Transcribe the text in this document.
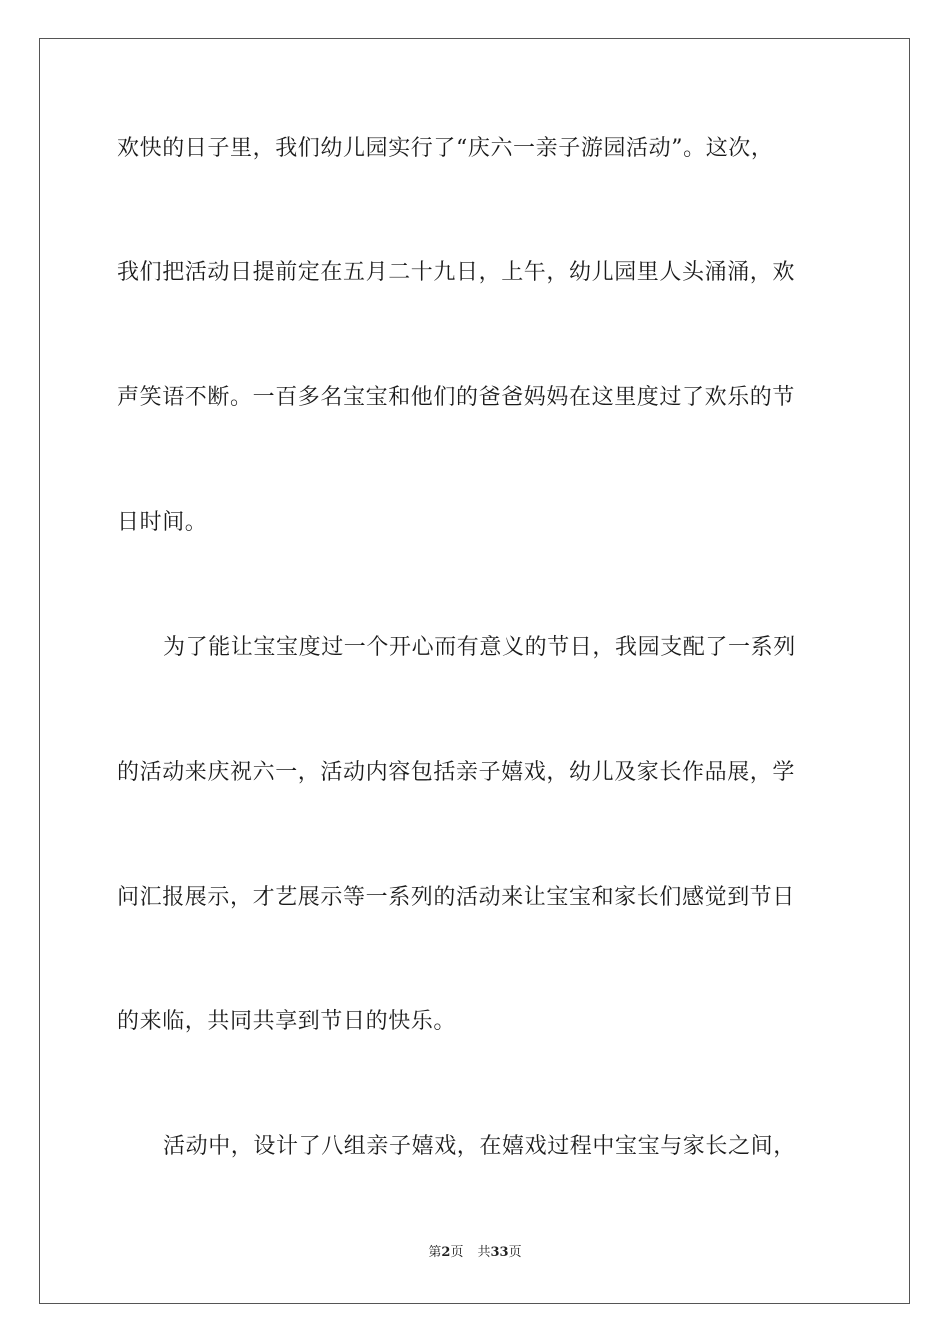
欢快的日子里，我们幼儿园实行了“庆六一亲子游园活动”。这次，
我们把活动日提前定在五月二十九日，上午，幼儿园里人头涌涌，欢
声笑语不断。一百多名宝宝和他们的爸爸妈妈在这里度过了欢乐的节
日时间。
为了能让宝宝度过一个开心而有意义的节日，我园支配了一系列
的活动来庆祝六一，活动内容包括亲子嬉戏，幼儿及家长作品展，学
问汇报展示，才艺展示等一系列的活动来让宝宝和家长们感觉到节日
的来临，共同共享到节日的快乐。
活动中，设计了八组亲子嬉戏，在嬉戏过程中宝宝与家长之间，
第2页 共33页
